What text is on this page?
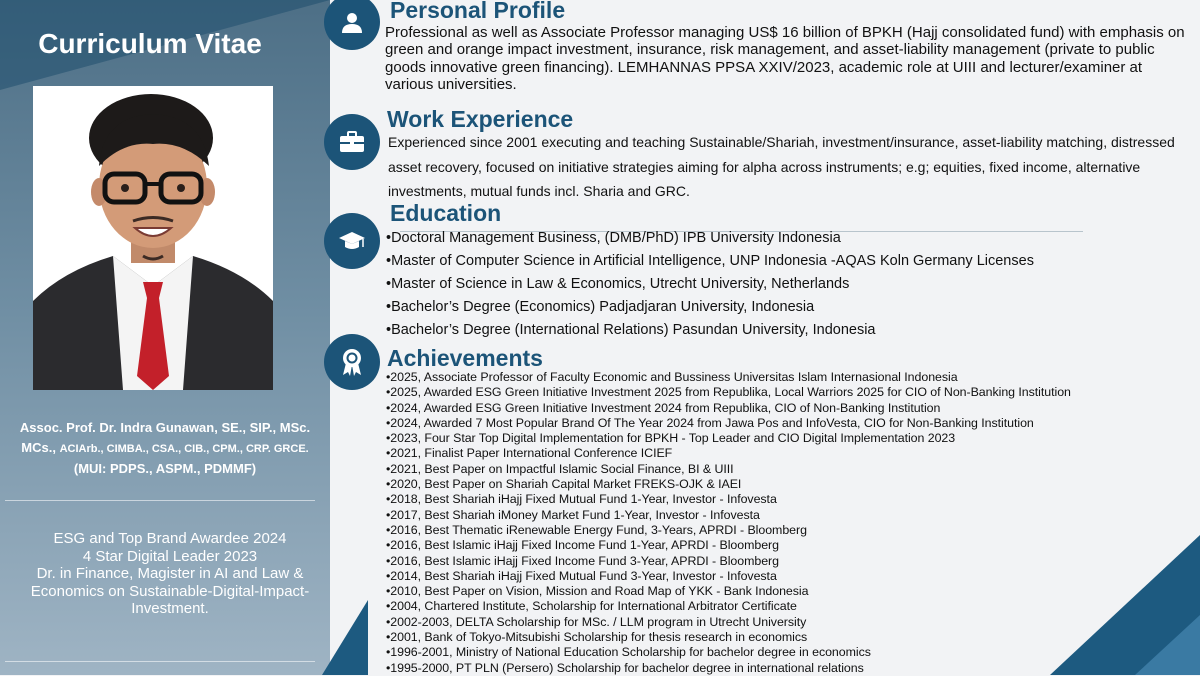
Curriculum Vitae
Assoc. Prof. Dr. Indra Gunawan, SE., SIP., MSc.
MCs., ACIArb., CIMBA., CSA., CIB., CPM., CRP. GRCE.
(MUI: PDPS., ASPM., PDMMF)
ESG and Top Brand Awardee 2024
4 Star Digital Leader 2023
Dr. in Finance, Magister in AI and Law &
Economics on Sustainable-Digital-Impact-
Investment.
Personal Profile
Professional as well as Associate Professor managing US$ 16 billion of BPKH (Hajj consolidated fund) with emphasis on green and orange impact investment, insurance, risk management, and asset-liability management (private to public goods innovative green financing). LEMHANNAS PPSA XXIV/2023, academic role at UIII and lecturer/examiner at various universities.
Work Experience
Experienced since 2001 executing and teaching Sustainable/Shariah, investment/insurance, asset-liability matching, distressed asset recovery, focused on initiative strategies aiming for alpha across instruments; e.g; equities, fixed income, alternative investments, mutual funds incl. Sharia and GRC.
Education
•Doctoral Management Business, (DMB/PhD) IPB University Indonesia
•Master of Computer Science in Artificial Intelligence, UNP Indonesia -AQAS Koln Germany Licenses
•Master of Science in Law & Economics, Utrecht University, Netherlands
•Bachelor’s Degree (Economics) Padjadjaran University, Indonesia
•Bachelor’s Degree (International Relations) Pasundan University, Indonesia
Achievements
•2025, Associate Professor of Faculty Economic and Bussiness Universitas Islam Internasional Indonesia
•2025, Awarded ESG Green Initiative Investment 2025 from Republika, Local Warriors 2025 for CIO of Non-Banking Institution
•2024, Awarded ESG Green Initiative Investment 2024 from Republika, CIO of Non-Banking Institution
•2024, Awarded 7 Most Popular Brand Of The Year 2024 from Jawa Pos and InfoVesta, CIO for Non-Banking Institution
•2023, Four Star Top Digital Implementation for BPKH - Top Leader and CIO Digital Implementation 2023
•2021, Finalist Paper International Conference ICIEF
•2021, Best Paper on Impactful Islamic Social Finance, BI & UIII
•2020, Best Paper on Shariah Capital Market FREKS-OJK & IAEI
•2018, Best Shariah iHajj Fixed Mutual Fund 1-Year, Investor - Infovesta
•2017, Best Shariah iMoney Market Fund 1-Year, Investor - Infovesta
•2016, Best Thematic iRenewable Energy Fund, 3-Years, APRDI - Bloomberg
•2016, Best Islamic iHajj Fixed Income Fund 1-Year, APRDI - Bloomberg
•2016, Best Islamic iHajj Fixed Income Fund 3-Year, APRDI - Bloomberg
•2014, Best Shariah iHajj Fixed Mutual Fund 3-Year, Investor - Infovesta
•2010, Best Paper on Vision, Mission and Road Map of YKK - Bank Indonesia
•2004, Chartered Institute, Scholarship for International Arbitrator Certificate
•2002-2003, DELTA Scholarship for MSc. / LLM program in Utrecht University
•2001, Bank of Tokyo-Mitsubishi Scholarship for thesis research in economics
•1996-2001, Ministry of National Education Scholarship for bachelor degree in economics
•1995-2000, PT PLN (Persero) Scholarship for bachelor degree in international relations
